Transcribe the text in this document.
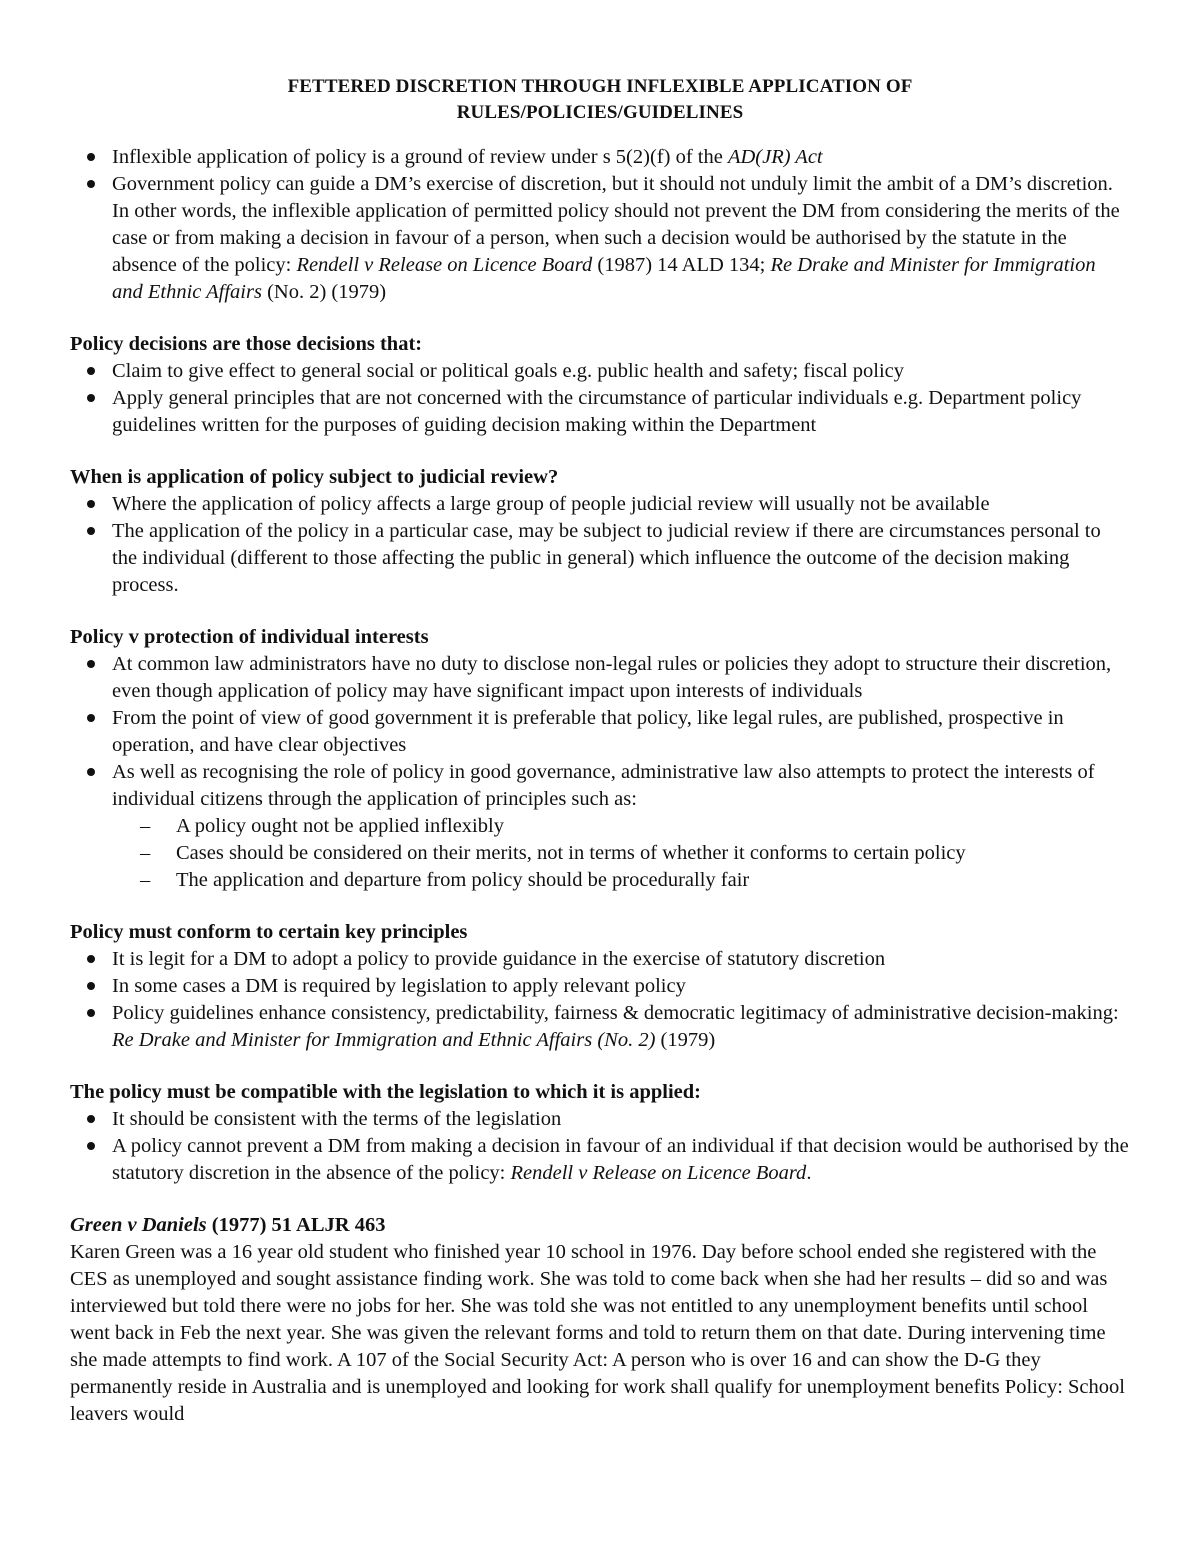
FETTERED DISCRETION THROUGH INFLEXIBLE APPLICATION OF
RULES/POLICIES/GUIDELINES
Inflexible application of policy is a ground of review under s 5(2)(f) of the AD(JR) Act
Government policy can guide a DM’s exercise of discretion, but it should not unduly limit the ambit of a DM’s discretion. In other words, the inflexible application of permitted policy should not prevent the DM from considering the merits of the case or from making a decision in favour of a person, when such a decision would be authorised by the statute in the absence of the policy: Rendell v Release on Licence Board (1987) 14 ALD 134; Re Drake and Minister for Immigration and Ethnic Affairs (No. 2) (1979)
Policy decisions are those decisions that:
Claim to give effect to general social or political goals e.g. public health and safety; fiscal policy
Apply general principles that are not concerned with the circumstance of particular individuals e.g. Department policy guidelines written for the purposes of guiding decision making within the Department
When is application of policy subject to judicial review?
Where the application of policy affects a large group of people judicial review will usually not be available
The application of the policy in a particular case, may be subject to judicial review if there are circumstances personal to the individual (different to those affecting the public in general) which influence the outcome of the decision making process.
Policy v protection of individual interests
At common law administrators have no duty to disclose non-legal rules or policies they adopt to structure their discretion, even though application of policy may have significant impact upon interests of individuals
From the point of view of good government it is preferable that policy, like legal rules, are published, prospective in operation, and have clear objectives
As well as recognising the role of policy in good governance, administrative law also attempts to protect the interests of individual citizens through the application of principles such as:
– A policy ought not be applied inflexibly
– Cases should be considered on their merits, not in terms of whether it conforms to certain policy
– The application and departure from policy should be procedurally fair
Policy must conform to certain key principles
It is legit for a DM to adopt a policy to provide guidance in the exercise of statutory discretion
In some cases a DM is required by legislation to apply relevant policy
Policy guidelines enhance consistency, predictability, fairness & democratic legitimacy of administrative decision-making: Re Drake and Minister for Immigration and Ethnic Affairs (No. 2) (1979)
The policy must be compatible with the legislation to which it is applied:
It should be consistent with the terms of the legislation
A policy cannot prevent a DM from making a decision in favour of an individual if that decision would be authorised by the statutory discretion in the absence of the policy: Rendell v Release on Licence Board.
Green v Daniels (1977) 51 ALJR 463

Karen Green was a 16 year old student who finished year 10 school in 1976. Day before school ended she registered with the CES as unemployed and sought assistance finding work. She was told to come back when she had her results – did so and was interviewed but told there were no jobs for her. She was told she was not entitled to any unemployment benefits until school went back in Feb the next year. She was given the relevant forms and told to return them on that date. During intervening time she made attempts to find work. A 107 of the Social Security Act: A person who is over 16 and can show the D-G they permanently reside in Australia and is unemployed and looking for work shall qualify for unemployment benefits Policy: School leavers would
